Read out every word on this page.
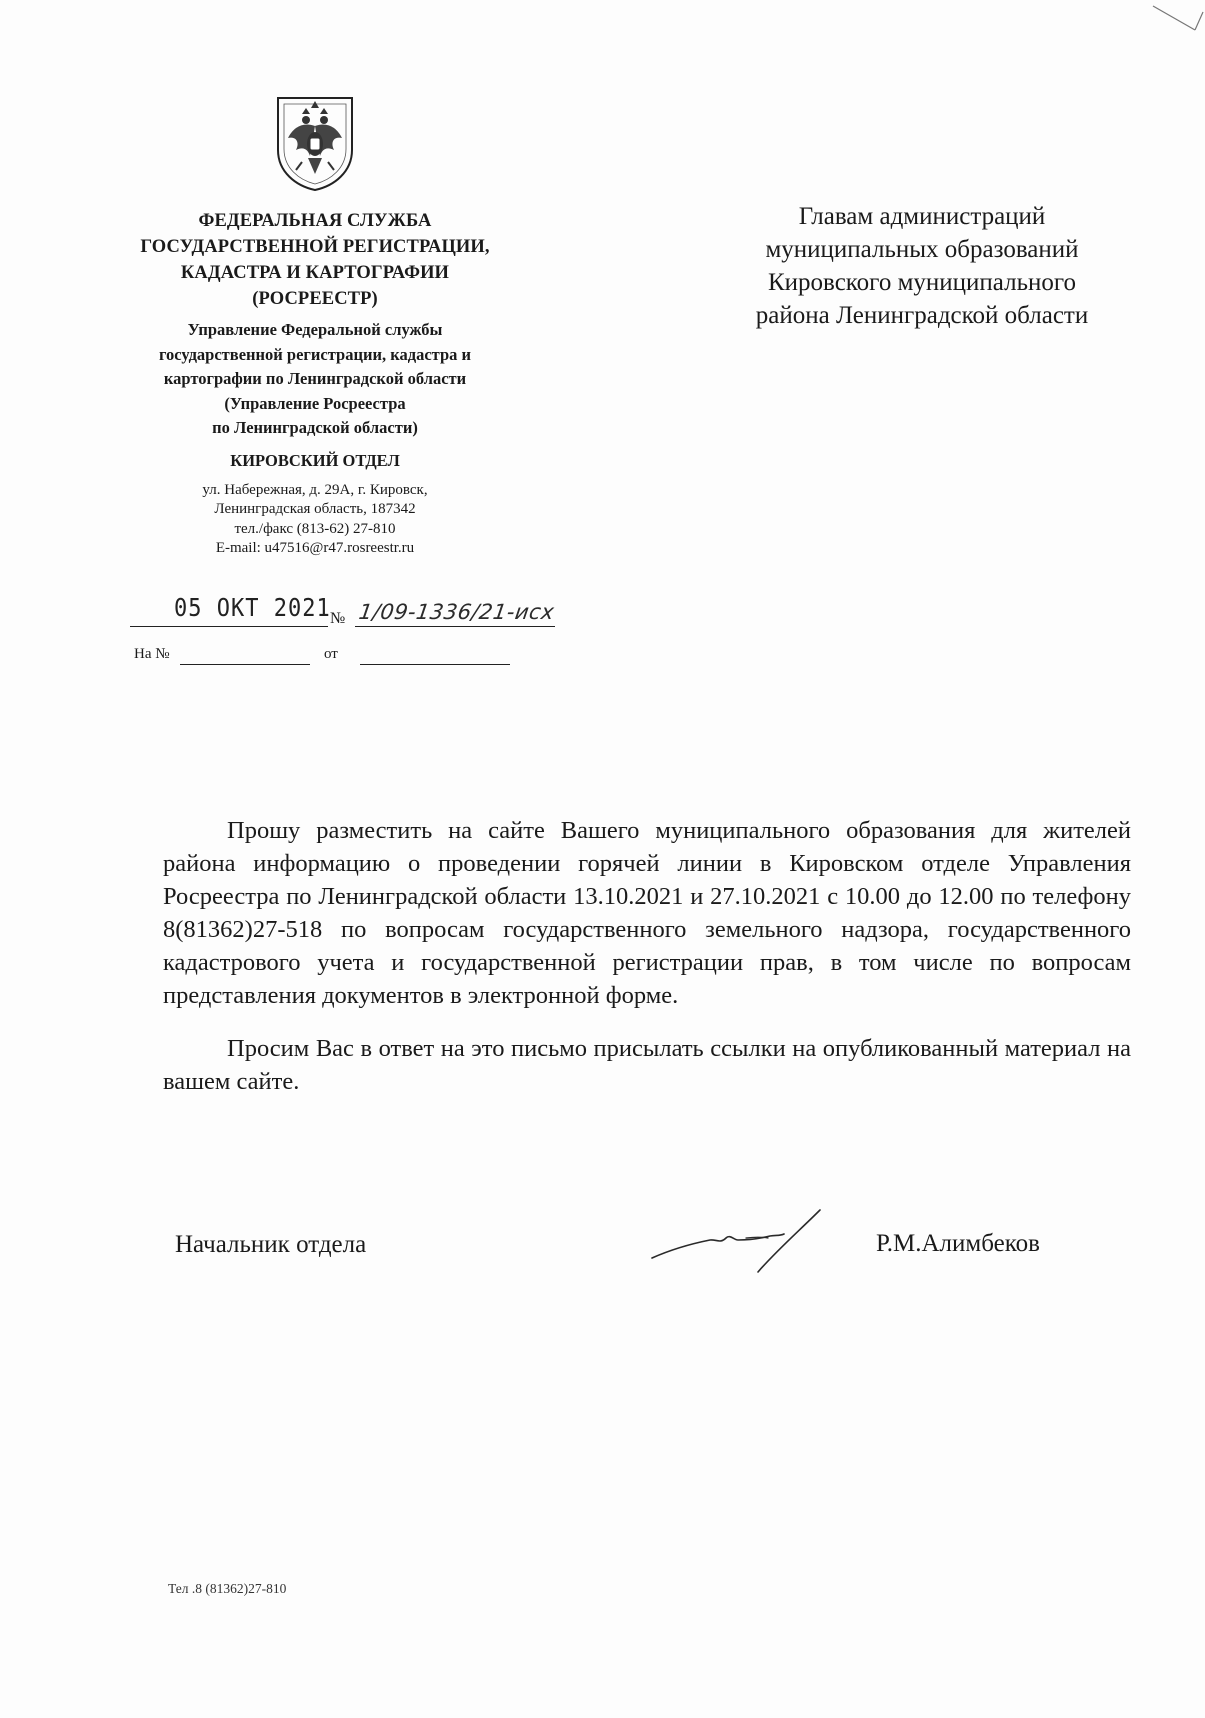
ФЕДЕРАЛЬНАЯ СЛУЖБА
ГОСУДАРСТВЕННОЙ РЕГИСТРАЦИИ,
КАДАСТРА И КАРТОГРАФИИ
(РОСРЕЕСТР)
Управление Федеральной службы
государственной регистрации, кадастра и
картографии по Ленинградской области
(Управление Росреестра
по Ленинградской области)
КИРОВСКИЙ ОТДЕЛ
ул. Набережная, д. 29А, г. Кировск,
Ленинградская область, 187342
тел./факс (813-62) 27-810
E-mail: u47516@r47.rosreestr.ru
05 ОКТ 2021 № 1/09-1336/21-исх
На №	от
Главам администраций
муниципальных образований
Кировского муниципального
района Ленинградской области

Прошу разместить на сайте Вашего муниципального образования для жителей района информацию о проведении горячей линии в Кировском отделе Управления Росреестра по Ленинградской области 13.10.2021 и 27.10.2021 с 10.00 до 12.00 по телефону 8(81362)27-518 по вопросам государственного земельного надзора, государственного кадастрового учета и государственной регистрации прав, в том числе по вопросам представления документов в электронной форме.

Просим Вас в ответ на это письмо присылать ссылки на опубликованный материал на вашем сайте.

Начальник отдела	Р.М.Алимбеков
Тел .8 (81362)27-810
